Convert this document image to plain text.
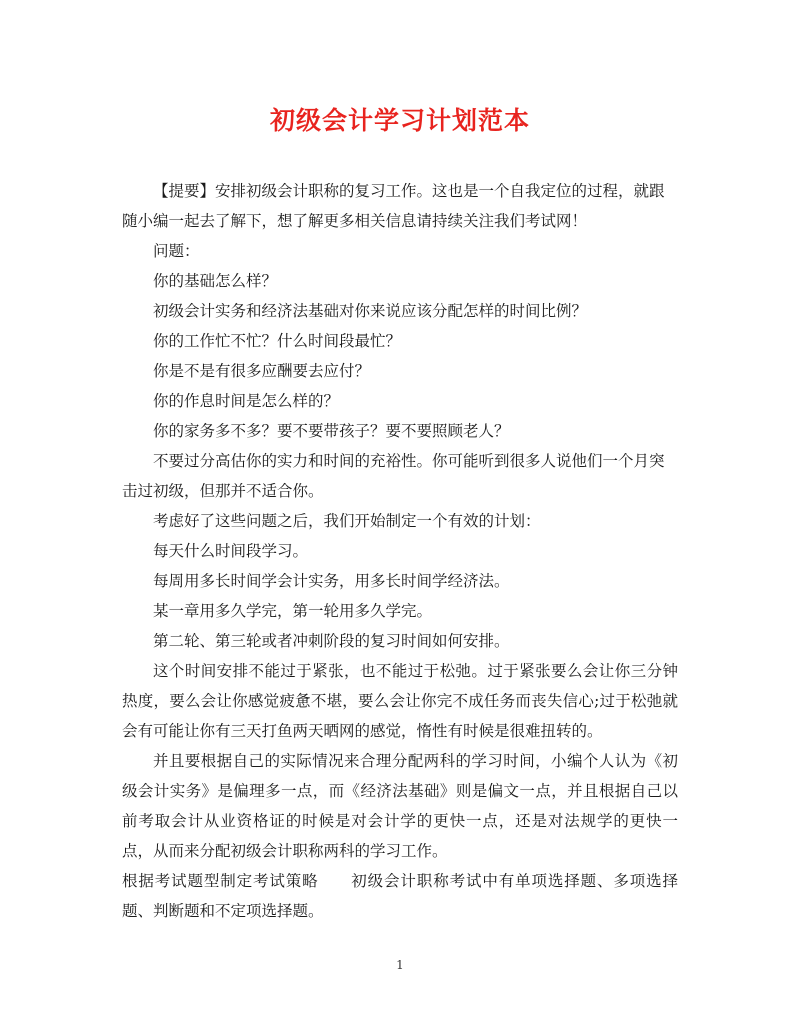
初级会计学习计划范本

【提要】安排初级会计职称的复习工作。这也是一个自我定位的过程，就跟随小编一起去了解下，想了解更多相关信息请持续关注我们考试网！

问题：

你的基础怎么样？

初级会计实务和经济法基础对你来说应该分配怎样的时间比例？

你的工作忙不忙？什么时间段最忙？

你是不是有很多应酬要去应付？

你的作息时间是怎么样的？

你的家务多不多？要不要带孩子？要不要照顾老人？

不要过分高估你的实力和时间的充裕性。你可能听到很多人说他们一个月突击过初级，但那并不适合你。

考虑好了这些问题之后，我们开始制定一个有效的计划：

每天什么时间段学习。

每周用多长时间学会计实务，用多长时间学经济法。

某一章用多久学完，第一轮用多久学完。

第二轮、第三轮或者冲刺阶段的复习时间如何安排。

这个时间安排不能过于紧张，也不能过于松弛。过于紧张要么会让你三分钟热度，要么会让你感觉疲惫不堪，要么会让你完不成任务而丧失信心;过于松弛就会有可能让你有三天打鱼两天晒网的感觉，惰性有时候是很难扭转的。

并且要根据自己的实际情况来合理分配两科的学习时间，小编个人认为《初级会计实务》是偏理多一点，而《经济法基础》则是偏文一点，并且根据自己以前考取会计从业资格证的时候是对会计学的更快一点，还是对法规学的更快一点，从而来分配初级会计职称两科的学习工作。

根据考试题型制定考试策略　　初级会计职称考试中有单项选择题、多项选择题、判断题和不定项选择题。

1
